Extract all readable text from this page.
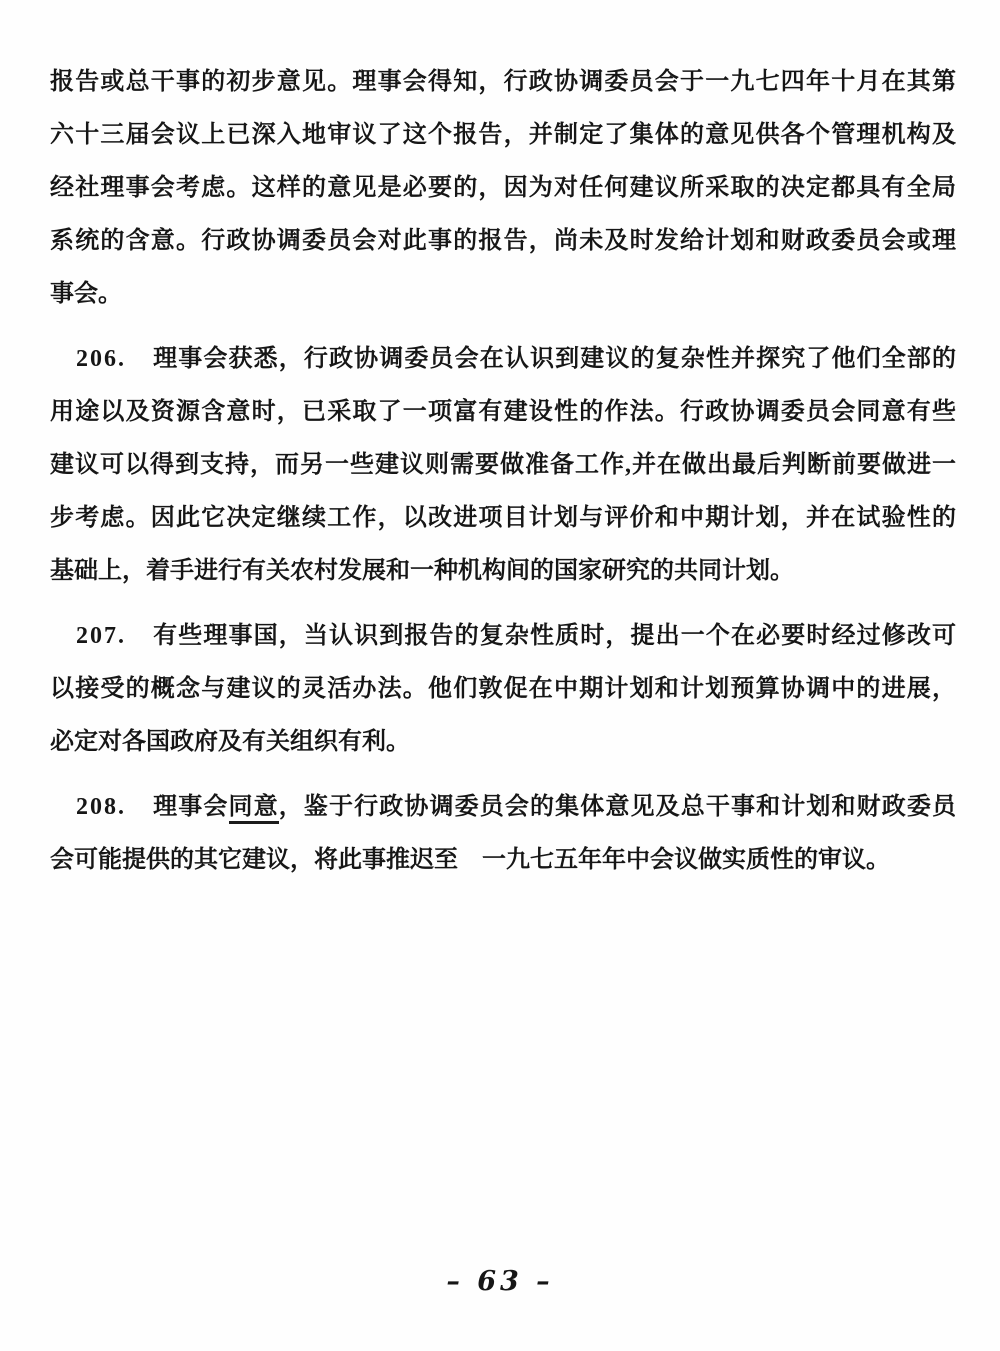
报告或总干事的初步意见。理事会得知，行政协调委员会于一九七四年十月在其第
六十三届会议上已深入地审议了这个报告，并制定了集体的意见供各个管理机构及
经社理事会考虑。这样的意见是必要的，因为对任何建议所采取的决定都具有全局
系统的含意。行政协调委员会对此事的报告，尚未及时发给计划和财政委员会或理
事会。
206. 理事会获悉，行政协调委员会在认识到建议的复杂性并探究了他们全部的
用途以及资源含意时，已采取了一项富有建设性的作法。行政协调委员会同意有些
建议可以得到支持，而另一些建议则需要做准备工作,并在做出最后判断前要做进一
步考虑。因此它决定继续工作，以改进项目计划与评价和中期计划，并在试验性的
基础上，着手进行有关农村发展和一种机构间的国家研究的共同计划。
207. 有些理事国，当认识到报告的复杂性质时，提出一个在必要时经过修改可
以接受的概念与建议的灵活办法。他们敦促在中期计划和计划预算协调中的进展，
必定对各国政府及有关组织有利。
208. 理事会同意，鉴于行政协调委员会的集体意见及总干事和计划和财政委员
会可能提供的其它建议，将此事推迟至　一九七五年年中会议做实质性的审议。
– 63 –
